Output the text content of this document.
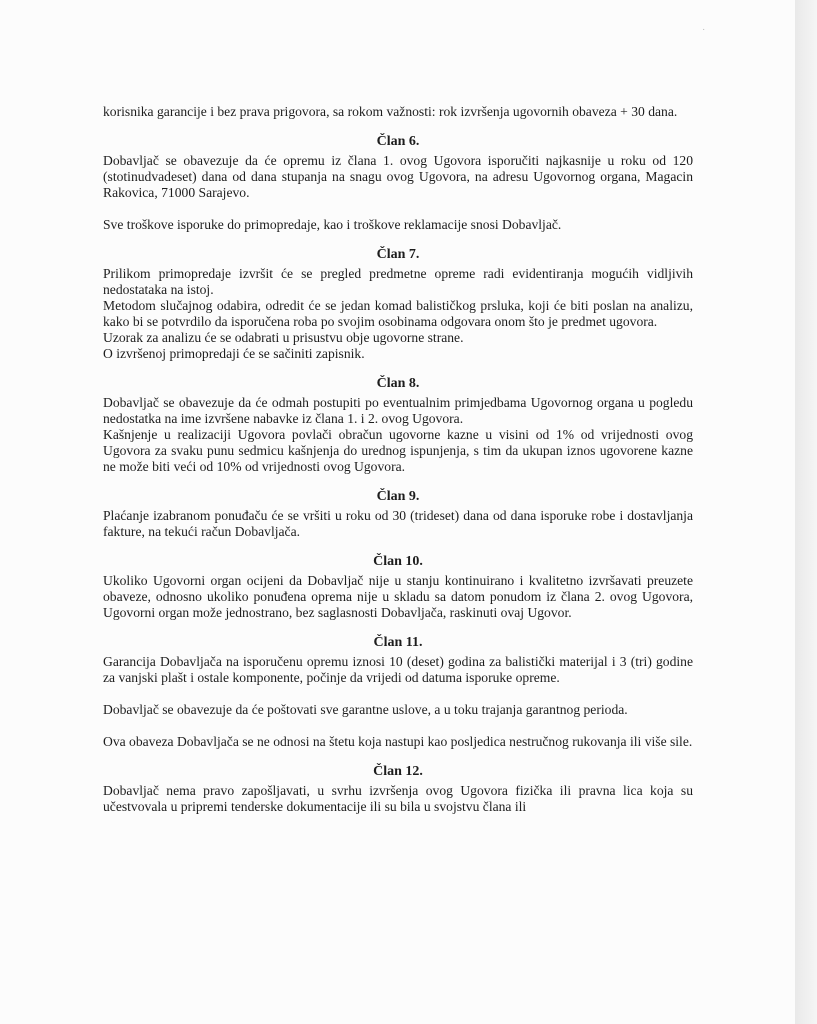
˙

korisnika garancije i bez prava prigovora, sa rokom važnosti: rok izvršenja ugovornih obaveza + 30 dana.

Član 6.

Dobavljač se obavezuje da će opremu iz člana 1. ovog Ugovora isporučiti najkasnije u roku od 120 (stotinudvadeset) dana od dana stupanja na snagu ovog Ugovora, na adresu Ugovornog organa, Magacin Rakovica, 71000 Sarajevo.

Sve troškove isporuke do primopredaje, kao i troškove reklamacije snosi Dobavljač.

Član 7.

Prilikom primopredaje izvršit će se pregled predmetne opreme radi evidentiranja mogućih vidljivih nedostataka na istoj.

Metodom slučajnog odabira, odredit će se jedan komad balističkog prsluka, koji će biti poslan na analizu, kako bi se potvrdilo da isporučena roba po svojim osobinama odgovara onom što je predmet ugovora.

Uzorak za analizu će se odabrati u prisustvu obje ugovorne strane.

O izvršenoj primopredaji će se sačiniti zapisnik.

Član 8.

Dobavljač se obavezuje da će odmah postupiti po eventualnim primjedbama Ugovornog organa u pogledu nedostatka na ime izvršene nabavke iz člana 1. i 2. ovog Ugovora.

Kašnjenje u realizaciji Ugovora povlači obračun ugovorne kazne u visini od 1% od vrijednosti ovog Ugovora za svaku punu sedmicu kašnjenja do urednog ispunjenja, s tim da ukupan iznos ugovorene kazne ne može biti veći od 10% od vrijednosti ovog Ugovora.

Član 9.

Plaćanje izabranom ponuđaču će se vršiti u roku od 30 (trideset) dana od dana isporuke robe i dostavljanja fakture, na tekući račun Dobavljača.

Član 10.

Ukoliko Ugovorni organ ocijeni da Dobavljač nije u stanju kontinuirano i kvalitetno izvršavati preuzete obaveze, odnosno ukoliko ponuđena oprema nije u skladu sa datom ponudom iz člana 2. ovog Ugovora, Ugovorni organ može jednostrano, bez saglasnosti Dobavljača, raskinuti ovaj Ugovor.

Član 11.

Garancija Dobavljača na isporučenu opremu iznosi 10 (deset) godina za balistički materijal i 3 (tri) godine za vanjski plašt i ostale komponente, počinje da vrijedi od datuma isporuke opreme.

Dobavljač se obavezuje da će poštovati sve garantne uslove, a u toku trajanja garantnog perioda.

Ova obaveza Dobavljača se ne odnosi na štetu koja nastupi kao posljedica nestručnog rukovanja ili više sile.

Član 12.

Dobavljač nema pravo zapošljavati, u svrhu izvršenja ovog Ugovora fizička ili pravna lica koja su učestvovala u pripremi tenderske dokumentacije ili su bila u svojstvu člana ili
